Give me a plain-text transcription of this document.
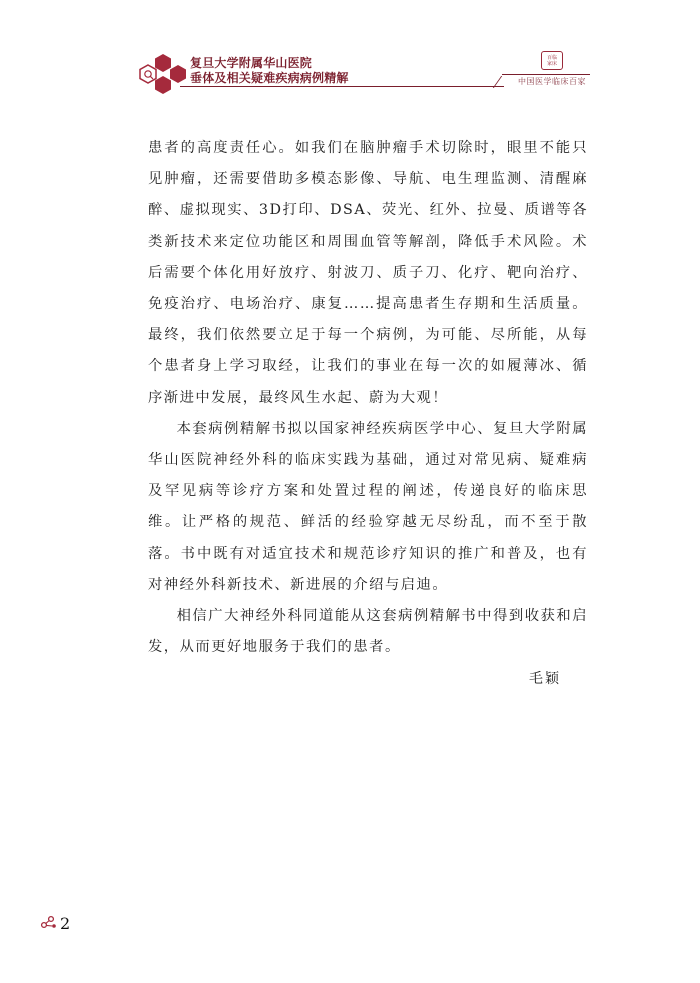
复旦大学附属华山医院
垂体及相关疑难疾病病例精解
百临
家床
中国医学临床百家

患者的高度责任心。如我们在脑肿瘤手术切除时，眼里不能只见肿瘤，还需要借助多模态影像、导航、电生理监测、清醒麻醉、虚拟现实、3D打印、DSA、荧光、红外、拉曼、质谱等各类新技术来定位功能区和周围血管等解剖，降低手术风险。术后需要个体化用好放疗、射波刀、质子刀、化疗、靶向治疗、免疫治疗、电场治疗、康复……提高患者生存期和生活质量。最终，我们依然要立足于每一个病例，为可能、尽所能，从每个患者身上学习取经，让我们的事业在每一次的如履薄冰、循序渐进中发展，最终风生水起、蔚为大观！

本套病例精解书拟以国家神经疾病医学中心、复旦大学附属华山医院神经外科的临床实践为基础，通过对常见病、疑难病及罕见病等诊疗方案和处置过程的阐述，传递良好的临床思维。让严格的规范、鲜活的经验穿越无尽纷乱，而不至于散落。书中既有对适宜技术和规范诊疗知识的推广和普及，也有对神经外科新技术、新进展的介绍与启迪。

相信广大神经外科同道能从这套病例精解书中得到收获和启发，从而更好地服务于我们的患者。

毛颖
2
